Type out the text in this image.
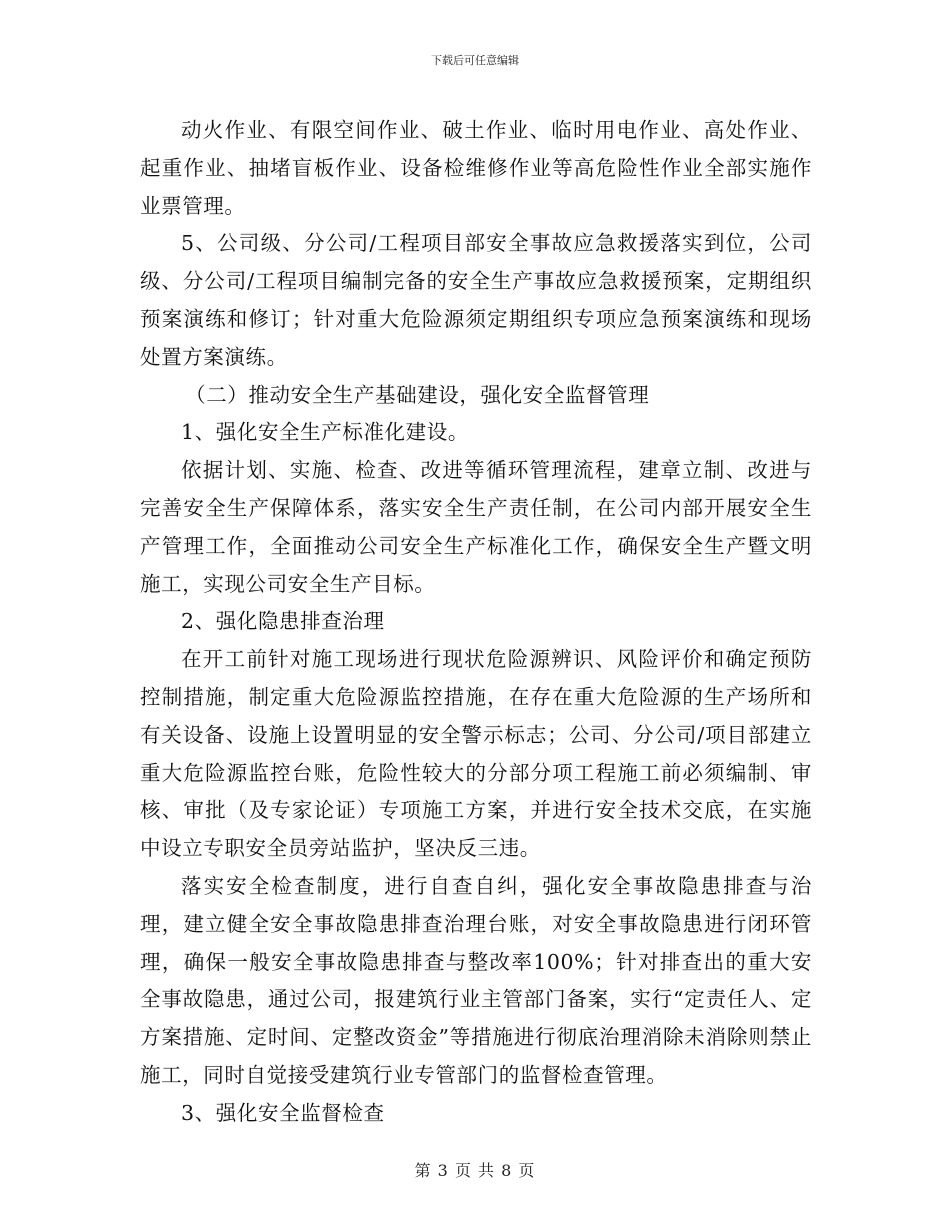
下载后可任意编辑

动火作业、有限空间作业、破土作业、临时用电作业、高处作业、起重作业、抽堵盲板作业、设备检维修作业等高危险性作业全部实施作业票管理。

5、公司级、分公司/工程项目部安全事故应急救援落实到位，公司级、分公司/工程项目编制完备的安全生产事故应急救援预案，定期组织预案演练和修订；针对重大危险源须定期组织专项应急预案演练和现场处置方案演练。

（二）推动安全生产基础建设，强化安全监督管理

1、强化安全生产标准化建设。

依据计划、实施、检查、改进等循环管理流程，建章立制、改进与完善安全生产保障体系，落实安全生产责任制，在公司内部开展安全生产管理工作，全面推动公司安全生产标准化工作，确保安全生产暨文明施工，实现公司安全生产目标。

2、强化隐患排查治理

在开工前针对施工现场进行现状危险源辨识、风险评价和确定预防控制措施，制定重大危险源监控措施，在存在重大危险源的生产场所和有关设备、设施上设置明显的安全警示标志；公司、分公司/项目部建立重大危险源监控台账，危险性较大的分部分项工程施工前必须编制、审核、审批（及专家论证）专项施工方案，并进行安全技术交底，在实施中设立专职安全员旁站监护，坚决反三违。

落实安全检查制度，进行自查自纠，强化安全事故隐患排查与治理，建立健全安全事故隐患排查治理台账，对安全事故隐患进行闭环管理，确保一般安全事故隐患排查与整改率100%；针对排查出的重大安全事故隐患，通过公司，报建筑行业主管部门备案，实行“定责任人、定方案措施、定时间、定整改资金”等措施进行彻底治理消除未消除则禁止施工，同时自觉接受建筑行业专管部门的监督检查管理。

3、强化安全监督检查

第 3 页 共 8 页
